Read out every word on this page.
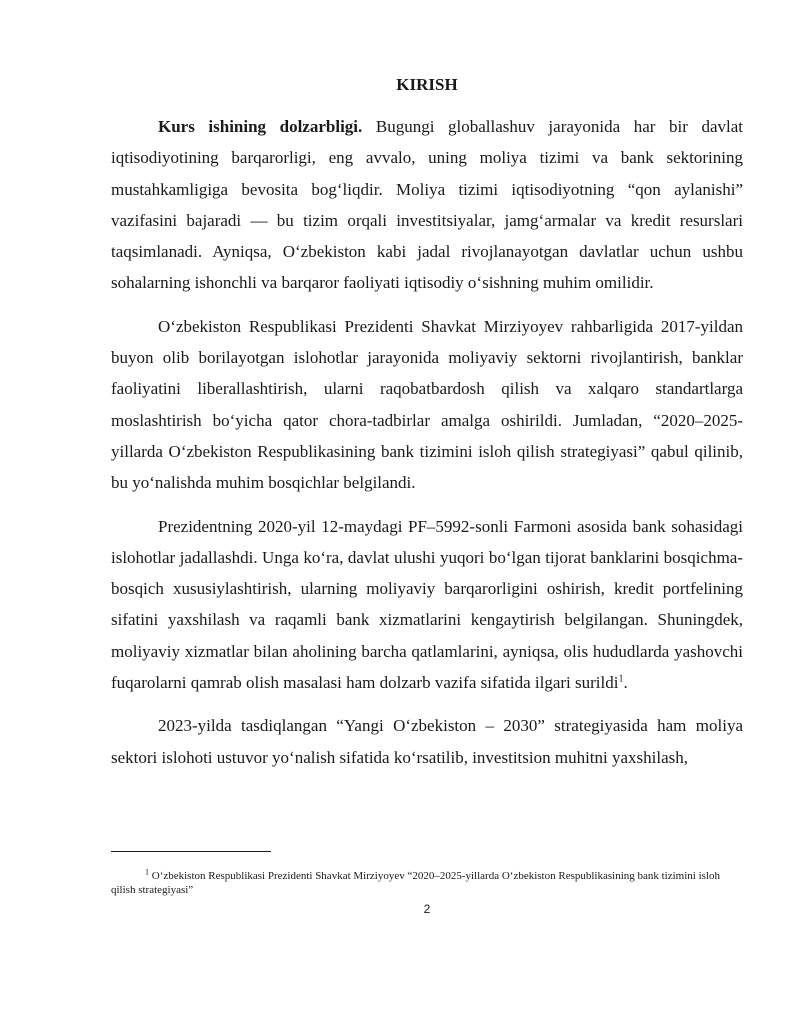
KIRISH

Kurs ishining dolzarbligi. Bugungi globallashuv jarayonida har bir davlat iqtisodiyotining barqarorligi, eng avvalo, uning moliya tizimi va bank sektorining mustahkamligiga bevosita bog‘liqdir. Moliya tizimi iqtisodiyotning “qon aylanishi” vazifasini bajaradi — bu tizim orqali investitsiyalar, jamg‘armalar va kredit resurslari taqsimlanadi. Ayniqsa, O‘zbekiston kabi jadal rivojlanayotgan davlatlar uchun ushbu sohalarning ishonchli va barqaror faoliyati iqtisodiy o‘sishning muhim omilidir.

O‘zbekiston Respublikasi Prezidenti Shavkat Mirziyoyev rahbarligida 2017-yildan buyon olib borilayotgan islohotlar jarayonida moliyaviy sektorni rivojlantirish, banklar faoliyatini liberallashtirish, ularni raqobatbardosh qilish va xalqaro standartlarga moslashtirish bo‘yicha qator chora-tadbirlar amalga oshirildi. Jumladan, “2020–2025-yillarda O‘zbekiston Respublikasining bank tizimini isloh qilish strategiyasi” qabul qilinib, bu yo‘nalishda muhim bosqichlar belgilandi.

Prezidentning 2020-yil 12-maydagi PF–5992-sonli Farmoni asosida bank sohasidagi islohotlar jadallashdi. Unga ko‘ra, davlat ulushi yuqori bo‘lgan tijorat banklarini bosqichma-bosqich xususiylashtirish, ularning moliyaviy barqarorligini oshirish, kredit portfelining sifatini yaxshilash va raqamli bank xizmatlarini kengaytirish belgilangan. Shuningdek, moliyaviy xizmatlar bilan aholining barcha qatlamlarini, ayniqsa, olis hududlarda yashovchi fuqarolarni qamrab olish masalasi ham dolzarb vazifa sifatida ilgari surildi$^1$.

2023-yilda tasdiqlangan “Yangi O‘zbekiston – 2030” strategiyasida ham moliya sektori islohoti ustuvor yo‘nalish sifatida ko‘rsatilib, investitsion muhitni yaxshilash,

$^1$ O‘zbekiston Respublikasi Prezidenti Shavkat Mirziyoyev “2020–2025-yillarda O‘zbekiston Respublikasining bank tizimini isloh qilish strategiyasi”

2
